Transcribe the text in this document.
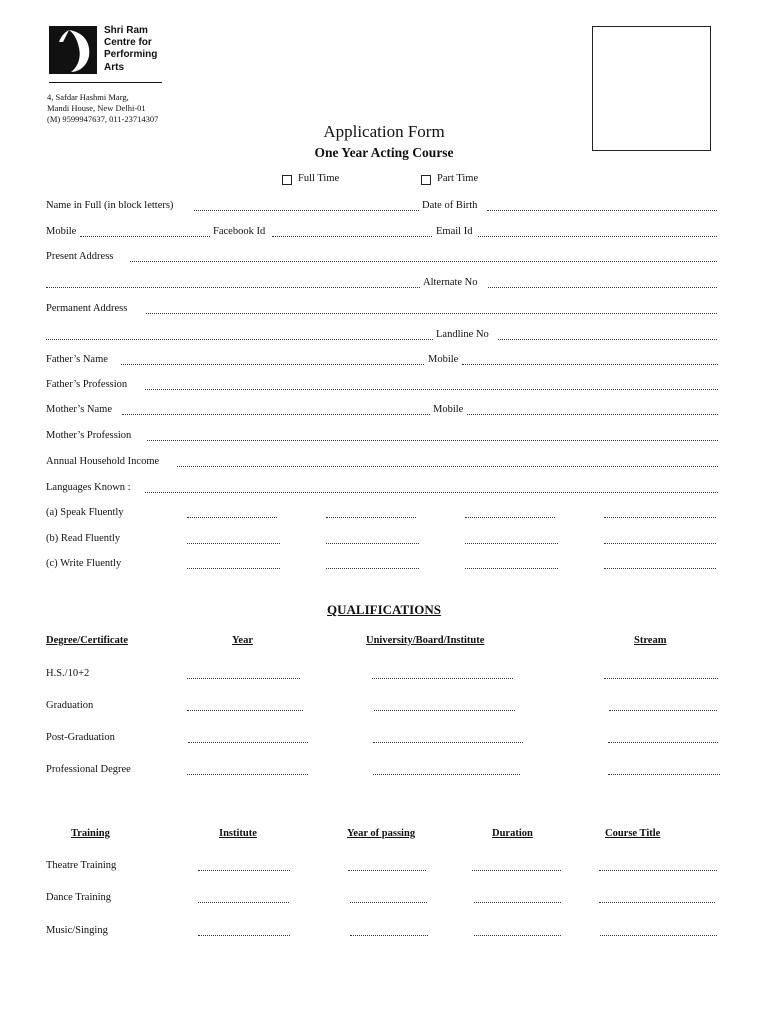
Shri Ram
Centre for
Performing
Arts
4, Safdar Hashmi Marg,
Mandi House, New Delhi-01
(M) 9599947637, 011-23714307
Application Form
One Year Acting Course
Full Time	Part Time
Name in Full (in block letters)	Date of Birth
Mobile	Facebook Id	Email Id
Present Address
Alternate No
Permanent Address
Landline No
Father’s Name	Mobile
Father’s Profession
Mother’s Name	Mobile
Mother’s Profession
Annual Household Income
Languages Known :
(a) Speak Fluently
(b) Read Fluently
(c) Write Fluently
QUALIFICATIONS
Degree/Certificate	Year	University/Board/Institute	Stream
H.S./10+2
Graduation
Post-Graduation
Professional Degree
Training	Institute	Year of passing	Duration	Course Title
Theatre Training
Dance Training
Music/Singing
